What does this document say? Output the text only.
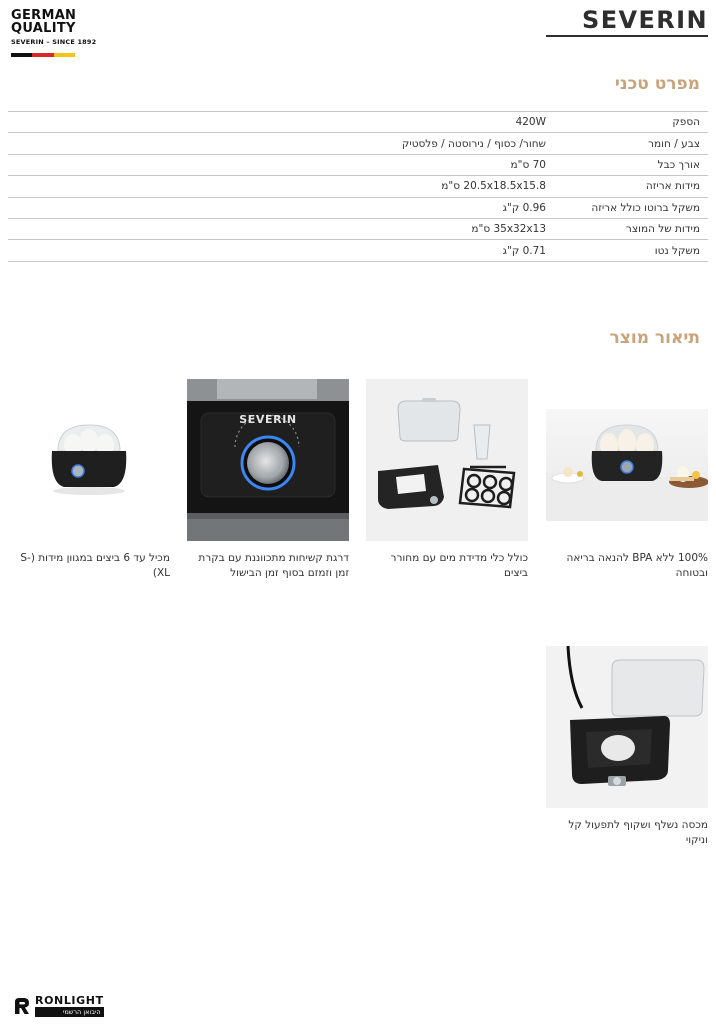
GERMAN
QUALITY
SEVERIN – SINCE 1892
SEVERIN
מפרט טכני
הספק
420W
צבע / חומר
שחור/ כסוף / נירוסטה / פלסטיק
אורך כבל
70 ס"מ
מידות אריזה
20.5x18.5x15.8 ס"מ
משקל ברוטו כולל אריזה
0.96 ק"ג
מידות של המוצר
35x32x13 ס"מ
משקל נטו
0.71 ק"ג
תיאור מוצר
100% ללא BPA להנאה בריאה ובטוחה
כולל כלי מדידת מים עם מחורר ביצים
SEVERIN
דרגת קשיחות מתכווננת עם בקרת זמן וזמזם בסוף זמן הבישול
מכיל עד 6 ביצים במגוון מידות (S-XL)
מכסה נשלף ושקוף לתפעול קל וניקוי
RONLIGHT
היבואן הרשמי
